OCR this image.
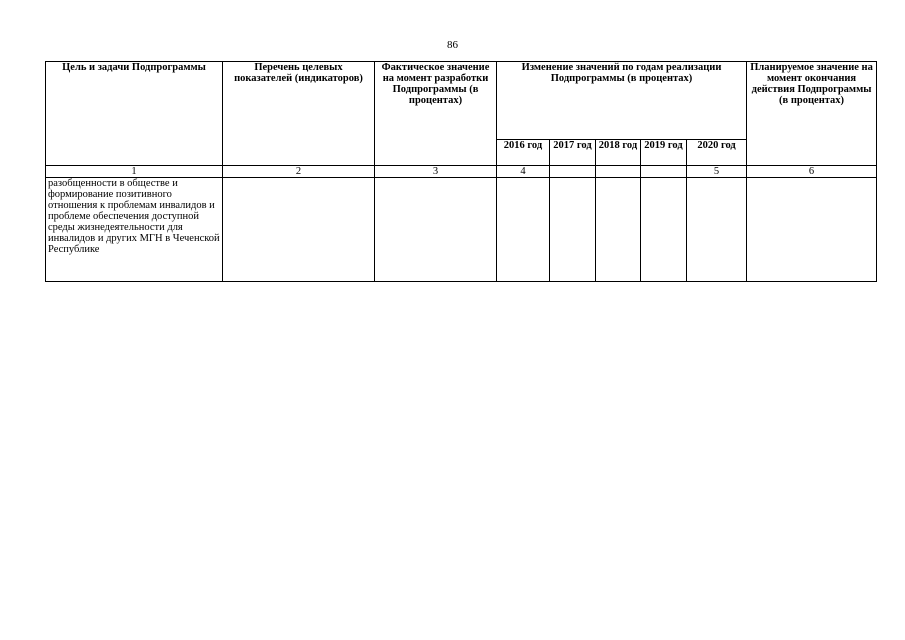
86
Цель и задачи Подпрограммы	Перечень целевых показателей (индикаторов)	Фактическое значение на момент разработки Подпрограммы (в процентах)	Изменение значений по годам реализации Подпрограммы (в процентах)					Планируемое значение на момент окончания действия Подпрограммы (в процентах)
			2016 год	2017 год	2018 год	2019 год	2020 год	
1	2	3	4				5	6
разобщенности в обществе и формирование позитивного отношения к проблемам инвалидов и проблеме обеспечения доступной среды жизнедеятельности для инвалидов и других МГН в Чеченской Республике								
